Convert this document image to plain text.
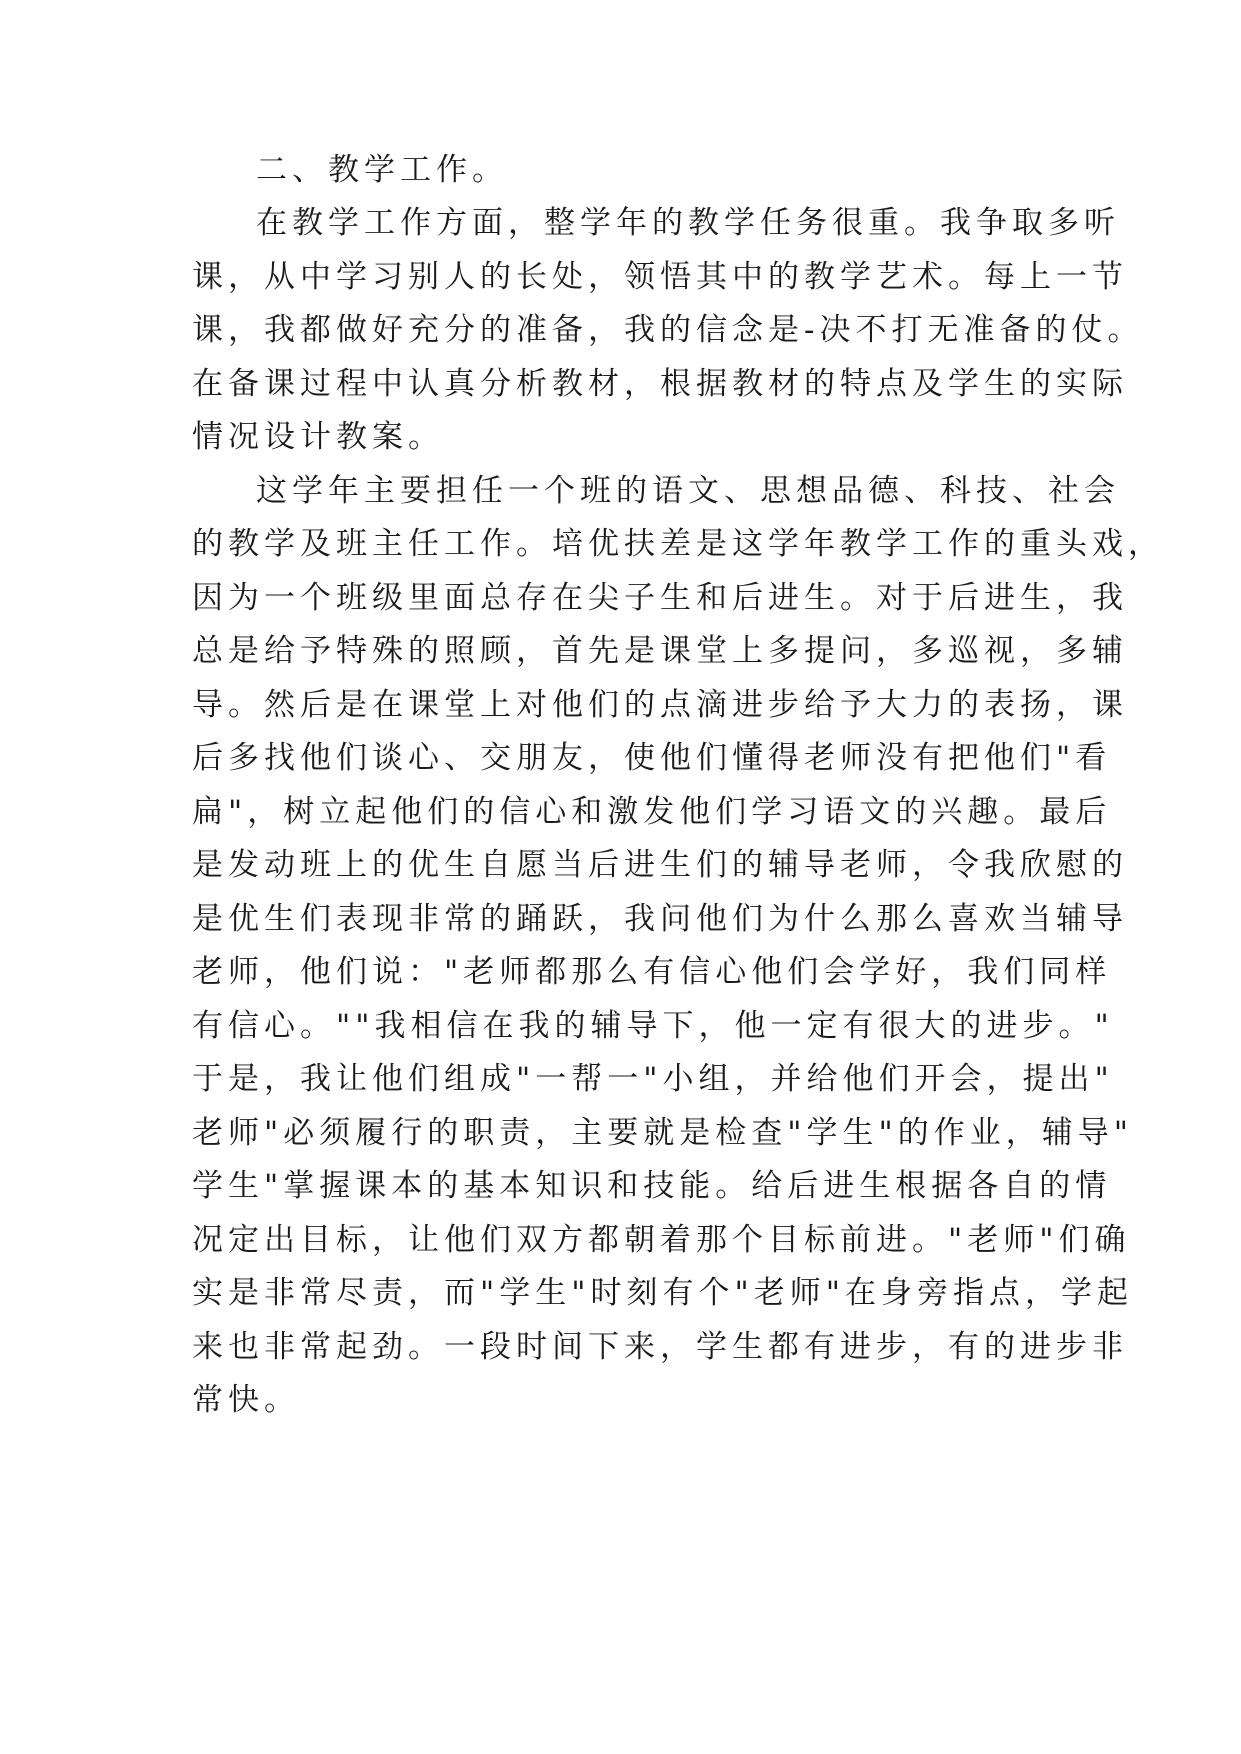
二、教学工作。
在教学工作方面，整学年的教学任务很重。我争取多听
课，从中学习别人的长处，领悟其中的教学艺术。每上一节
课，我都做好充分的准备，我的信念是-决不打无准备的仗。
在备课过程中认真分析教材，根据教材的特点及学生的实际
情况设计教案。
这学年主要担任一个班的语文、思想品德、科技、社会
的教学及班主任工作。培优扶差是这学年教学工作的重头戏，
因为一个班级里面总存在尖子生和后进生。对于后进生，我
总是给予特殊的照顾，首先是课堂上多提问，多巡视，多辅
导。然后是在课堂上对他们的点滴进步给予大力的表扬，课
后多找他们谈心、交朋友，使他们懂得老师没有把他们"看
扁"，树立起他们的信心和激发他们学习语文的兴趣。最后
是发动班上的优生自愿当后进生们的辅导老师，令我欣慰的
是优生们表现非常的踊跃，我问他们为什么那么喜欢当辅导
老师，他们说："老师都那么有信心他们会学好，我们同样
有信心。""我相信在我的辅导下，他一定有很大的进步。"
于是，我让他们组成"一帮一"小组，并给他们开会，提出"
老师"必须履行的职责，主要就是检查"学生"的作业，辅导"
学生"掌握课本的基本知识和技能。给后进生根据各自的情
况定出目标，让他们双方都朝着那个目标前进。"老师"们确
实是非常尽责，而"学生"时刻有个"老师"在身旁指点，学起
来也非常起劲。一段时间下来，学生都有进步，有的进步非
常快。
